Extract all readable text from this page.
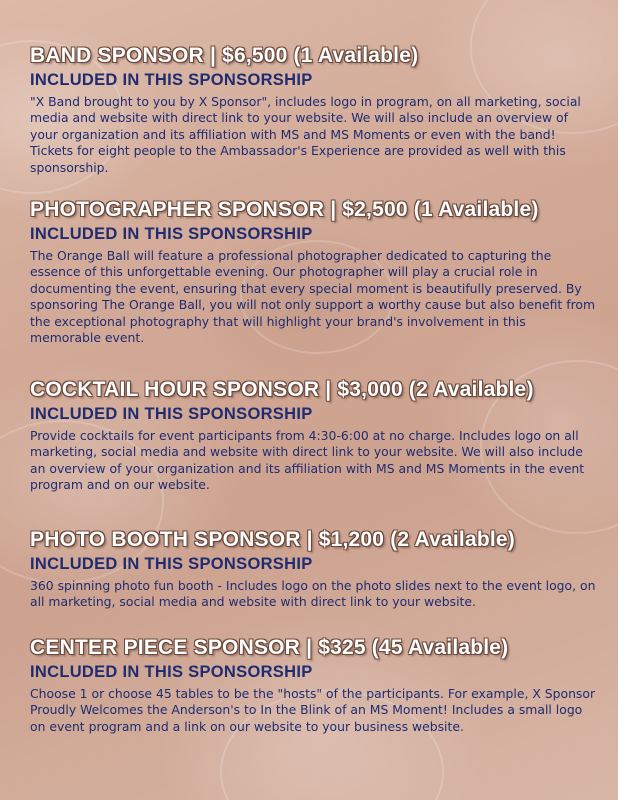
BAND SPONSOR | $6,500 (1 Available)
INCLUDED IN THIS SPONSORSHIP

"X Band brought to you by X Sponsor", includes logo in program, on all marketing, social media and website with direct link to your website. We will also include an overview of your organization and its affiliation with MS and MS Moments or even with the band! Tickets for eight people to the Ambassador's Experience are provided as well with this sponsorship.

PHOTOGRAPHER SPONSOR | $2,500 (1 Available)
INCLUDED IN THIS SPONSORSHIP

The Orange Ball will feature a professional photographer dedicated to capturing the essence of this unforgettable evening. Our photographer will play a crucial role in documenting the event, ensuring that every special moment is beautifully preserved. By sponsoring The Orange Ball, you will not only support a worthy cause but also benefit from the exceptional photography that will highlight your brand's involvement in this memorable event.

COCKTAIL HOUR SPONSOR | $3,000 (2 Available)
INCLUDED IN THIS SPONSORSHIP

Provide cocktails for event participants from 4:30-6:00 at no charge. Includes logo on all marketing, social media and website with direct link to your website. We will also include an overview of your organization and its affiliation with MS and MS Moments in the event program and on our website.

PHOTO BOOTH SPONSOR | $1,200 (2 Available)
INCLUDED IN THIS SPONSORSHIP

360 spinning photo fun booth - Includes logo on the photo slides next to the event logo, on all marketing, social media and website with direct link to your website.

CENTER PIECE SPONSOR | $325 (45 Available)
INCLUDED IN THIS SPONSORSHIP

Choose 1 or choose 45 tables to be the "hosts" of the participants. For example, X Sponsor Proudly Welcomes the Anderson's to In the Blink of an MS Moment! Includes a small logo on event program and a link on our website to your business website.
